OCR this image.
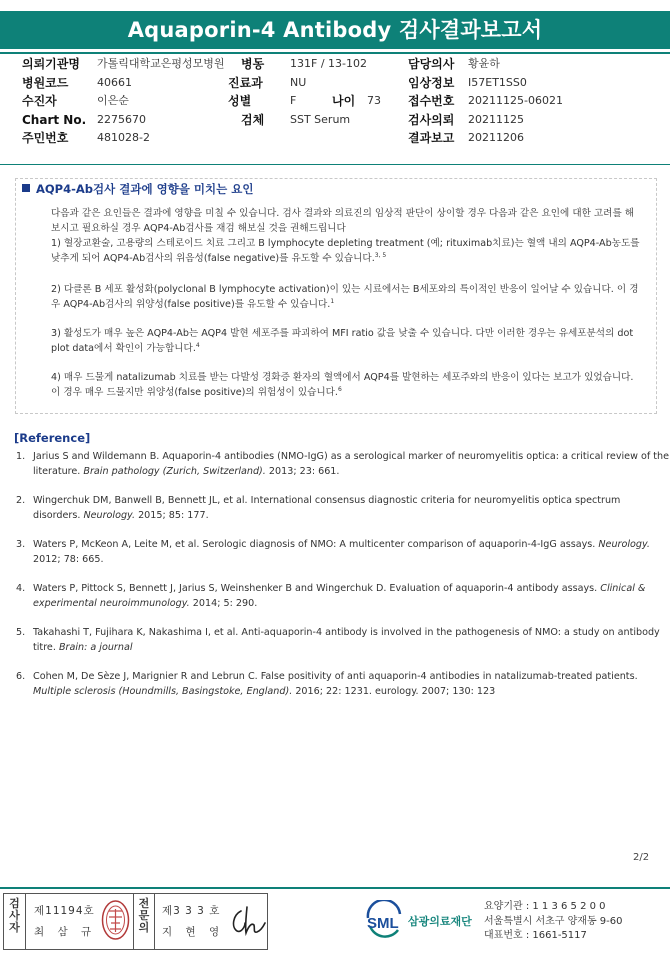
Aquaporin-4 Antibody 검사결과보고서
의뢰기관명 가톨릭대학교은평성모병원 병동 131F / 13-102	담당의사 황윤하
병원코드	40661	진료과 NU	임상정보 I57ET1SS0
수진자	이은순	성별	F	나이 73 접수번호 20211125-06021
Chart No. 2275670	검체 SST Serum	검사의뢰 20211125
주민번호	481028-2	결과보고 20211206
AQP4-Ab검사 결과에 영향을 미치는 요인

다음과 같은 요인들은 결과에 영향을 미칠 수 있습니다. 검사 결과와 의료진의 임상적 판단이 상이할 경우 다음과 같은 요인에 대한 고려를 해 보시고 필요하실 경우 AQP4-Ab검사를 재검 해보실 것을 권해드립니다
1) 혈장교환술, 고용량의 스테로이드 치료 그리고 B lymphocyte depleting treatment (예; rituximab치료)는 혈액 내의 AQP4-Ab농도를 낮추게 되어 AQP4-Ab검사의 위음성(false negative)를 유도할 수 있습니다.$^{3, 5}$

2) 다클론 B 세포 활성화(polyclonal B lymphocyte activation)이 있는 시료에서는 B세포와의 특이적인 반응이 일어날 수 있습니다. 이 경우 AQP4-Ab검사의 위양성(false positive)를 유도할 수 있습니다.$^1$

3) 활성도가 매우 높은 AQP4-Ab는 AQP4 발현 세포주를 파괴하여 MFI ratio 값을 낮출 수 있습니다. 다만 이러한 경우는 유세포분석의 dot plot data에서 확인이 가능합니다.$^4$

4) 매우 드물게 natalizumab 치료를 받는 다발성 경화증 환자의 혈액에서 AQP4를 발현하는 세포주와의 반응이 있다는 보고가 있었습니다. 이 경우 매우 드물지만 위양성(false positive)의 위험성이 있습니다.$^6$

[Reference]
1. Jarius S and Wildemann B. Aquaporin-4 antibodies (NMO-IgG) as a serological marker of neuromyelitis optica: a critical review of the literature. Brain pathology (Zurich, Switzerland). 2013; 23: 661.
2. Wingerchuk DM, Banwell B, Bennett JL, et al. International consensus diagnostic criteria for neuromyelitis optica spectrum disorders. Neurology. 2015; 85: 177.
3. Waters P, McKeon A, Leite M, et al. Serologic diagnosis of NMO: A multicenter comparison of aquaporin-4-IgG assays. Neurology. 2012; 78: 665.
4. Waters P, Pittock S, Bennett J, Jarius S, Weinshenker B and Wingerchuk D. Evaluation of aquaporin-4 antibody assays. Clinical & experimental neuroimmunology. 2014; 5: 290.
5. Takahashi T, Fujihara K, Nakashima I, et al. Anti-aquaporin-4 antibody is involved in the pathogenesis of NMO: a study on antibody titre. Brain: a journal
6. Cohen M, De Sèze J, Marignier R and Lebrun C. False positivity of anti aquaporin-4 antibodies in natalizumab-treated patients. Multiple sclerosis (Houndmills, Basingstoke, England). 2016; 22: 1231. eurology. 2007; 130: 123
2/2
검사자
제11194호
최 삼 규
전문의
제3 3 3 호
지 현 영	SML 삼광의료재단
요양기관 : 1 1 3 6 5 2 0 0
서울특별시 서초구 양재동 9-60
대표번호 : 1661-5117
